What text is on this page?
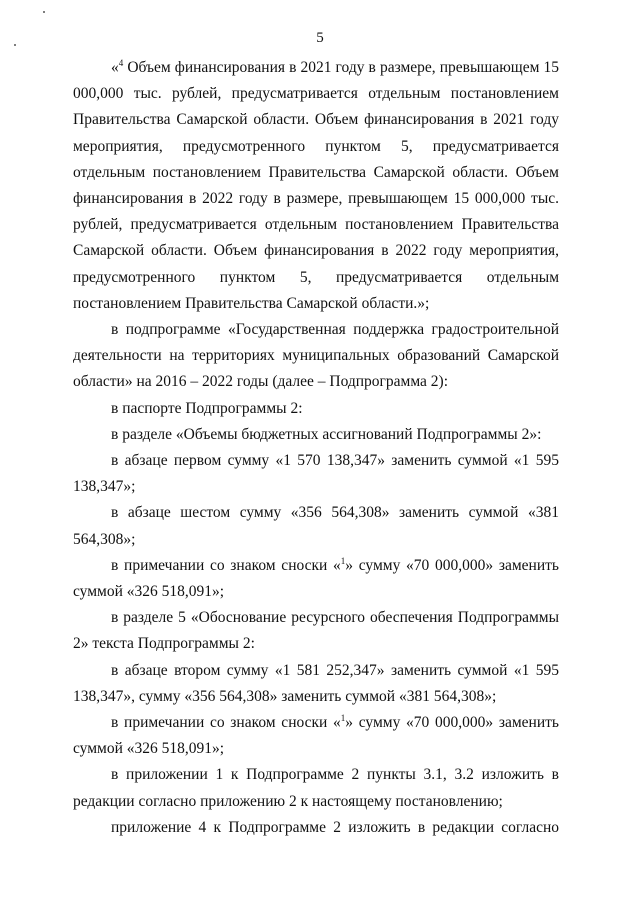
5

«$^4$ Объем финансирования в 2021 году в размере, превышающем 15 000,000 тыс. рублей, предусматривается отдельным постановлением Правительства Самарской области. Объем финансирования в 2021 году мероприятия, предусмотренного пунктом 5, предусматривается отдельным постановлением Правительства Самарской области. Объем финансирования в 2022 году в размере, превышающем 15 000,000 тыс. рублей, предусматривается отдельным постановлением Правительства Самарской области. Объем финансирования в 2022 году мероприятия, предусмотренного пунктом 5, предусматривается отдельным постановлением Правительства Самарской области.»;

в подпрограмме «Государственная поддержка градостроительной деятельности на территориях муниципальных образований Самарской области» на 2016 – 2022 годы (далее – Подпрограмма 2):

в паспорте Подпрограммы 2:

в разделе «Объемы бюджетных ассигнований Подпрограммы 2»:

в абзаце первом сумму «1 570 138,347» заменить суммой «1 595 138,347»;

в абзаце шестом сумму «356 564,308» заменить суммой «381 564,308»;

в примечании со знаком сноски «$^1$» сумму «70 000,000» заменить суммой «326 518,091»;

в разделе 5 «Обоснование ресурсного обеспечения Подпрограммы 2» текста Подпрограммы 2:

в абзаце втором сумму «1 581 252,347» заменить суммой «1 595 138,347», сумму «356 564,308» заменить суммой «381 564,308»;

в примечании со знаком сноски «$^1$» сумму «70 000,000» заменить суммой «326 518,091»;

в приложении 1 к Подпрограмме 2 пункты 3.1, 3.2 изложить в редакции согласно приложению 2 к настоящему постановлению;

приложение 4 к Подпрограмме 2 изложить в редакции согласно
